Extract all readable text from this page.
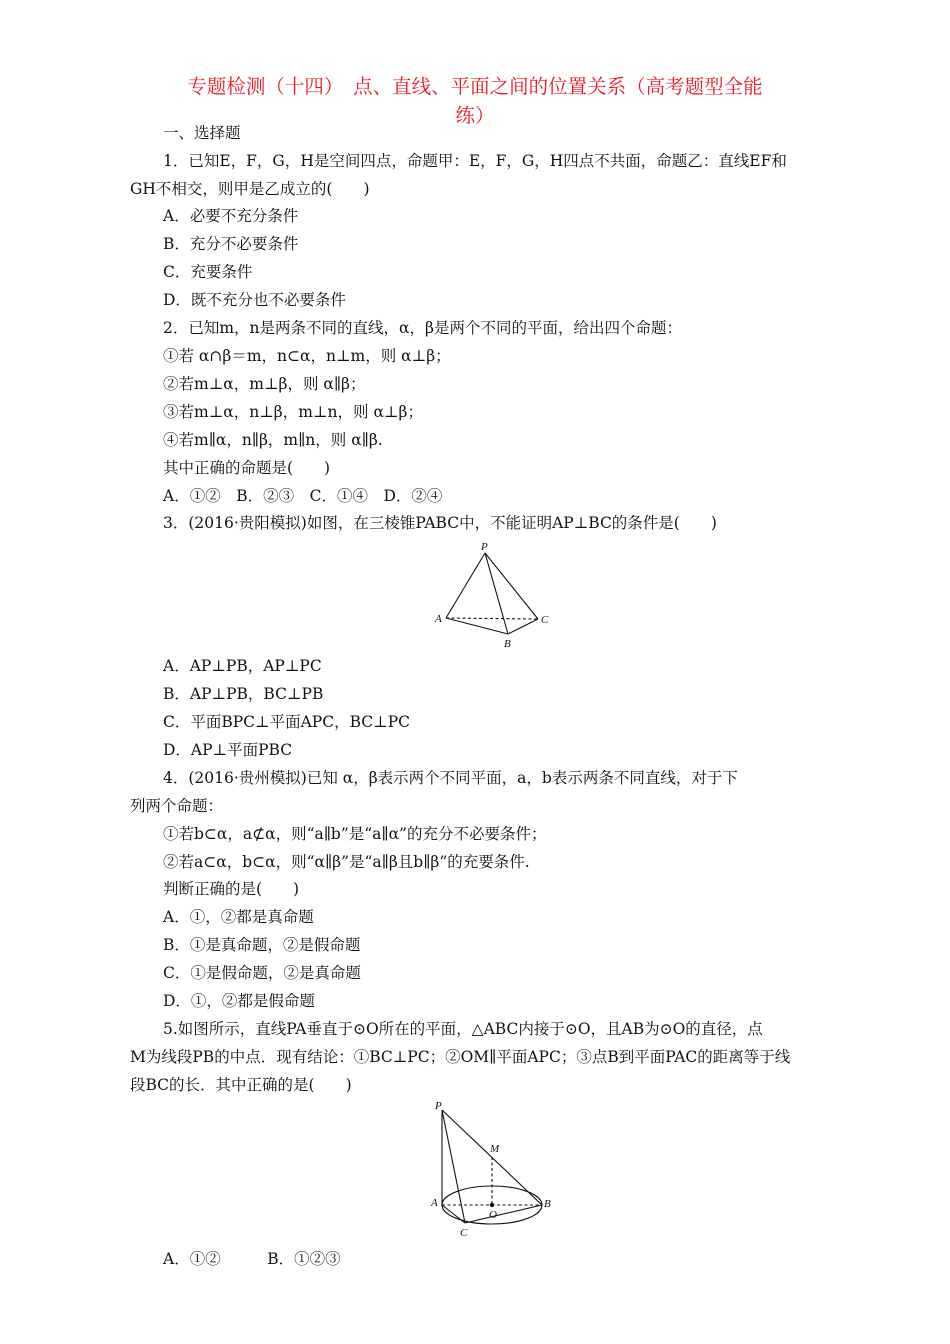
专题检测（十四）　点、直线、平面之间的位置关系（高考题型全能
练）
一、选择题
1．已知E，F，G，H是空间四点，命题甲：E，F，G，H四点不共面，命题乙：直线EF和
GH不相交，则甲是乙成立的(　　)
A．必要不充分条件
B．充分不必要条件
C．充要条件
D．既不充分也不必要条件
2．已知m，n是两条不同的直线，α，β是两个不同的平面，给出四个命题：
①若 α∩β＝m，n⊂α，n⊥m，则 α⊥β；
②若m⊥α，m⊥β，则 α∥β；
③若m⊥α，n⊥β，m⊥n，则 α⊥β；
④若m∥α，n∥β，m∥n，则 α∥β.
其中正确的命题是(　　)
A．①②　B．②③　C．①④　D．②④
3．(2016·贵阳模拟)如图，在三棱锥PABC中，不能证明AP⊥BC的条件是(　　)
P
A
B
C
A．AP⊥PB，AP⊥PC
B．AP⊥PB，BC⊥PB
C．平面BPC⊥平面APC，BC⊥PC
D．AP⊥平面PBC
4．(2016·贵州模拟)已知 α，β表示两个不同平面，a，b表示两条不同直线，对于下
列两个命题：
①若b⊂α，a⊄α，则“a∥b”是“a∥α”的充分不必要条件；
②若a⊂α，b⊂α，则“α∥β”是“a∥β且b∥β”的充要条件.
判断正确的是(　　)
A．①，②都是真命题
B．①是真命题，②是假命题
C．①是假命题，②是真命题
D．①，②都是假命题
5.如图所示，直线PA垂直于⊙O所在的平面，△ABC内接于⊙O，且AB为⊙O的直径，点
M为线段PB的中点．现有结论：①BC⊥PC；②OM∥平面APC；③点B到平面PAC的距离等于线
段BC的长．其中正确的是(　　)
P
M
A
O
B
C
A．①②　　　B．①②③
